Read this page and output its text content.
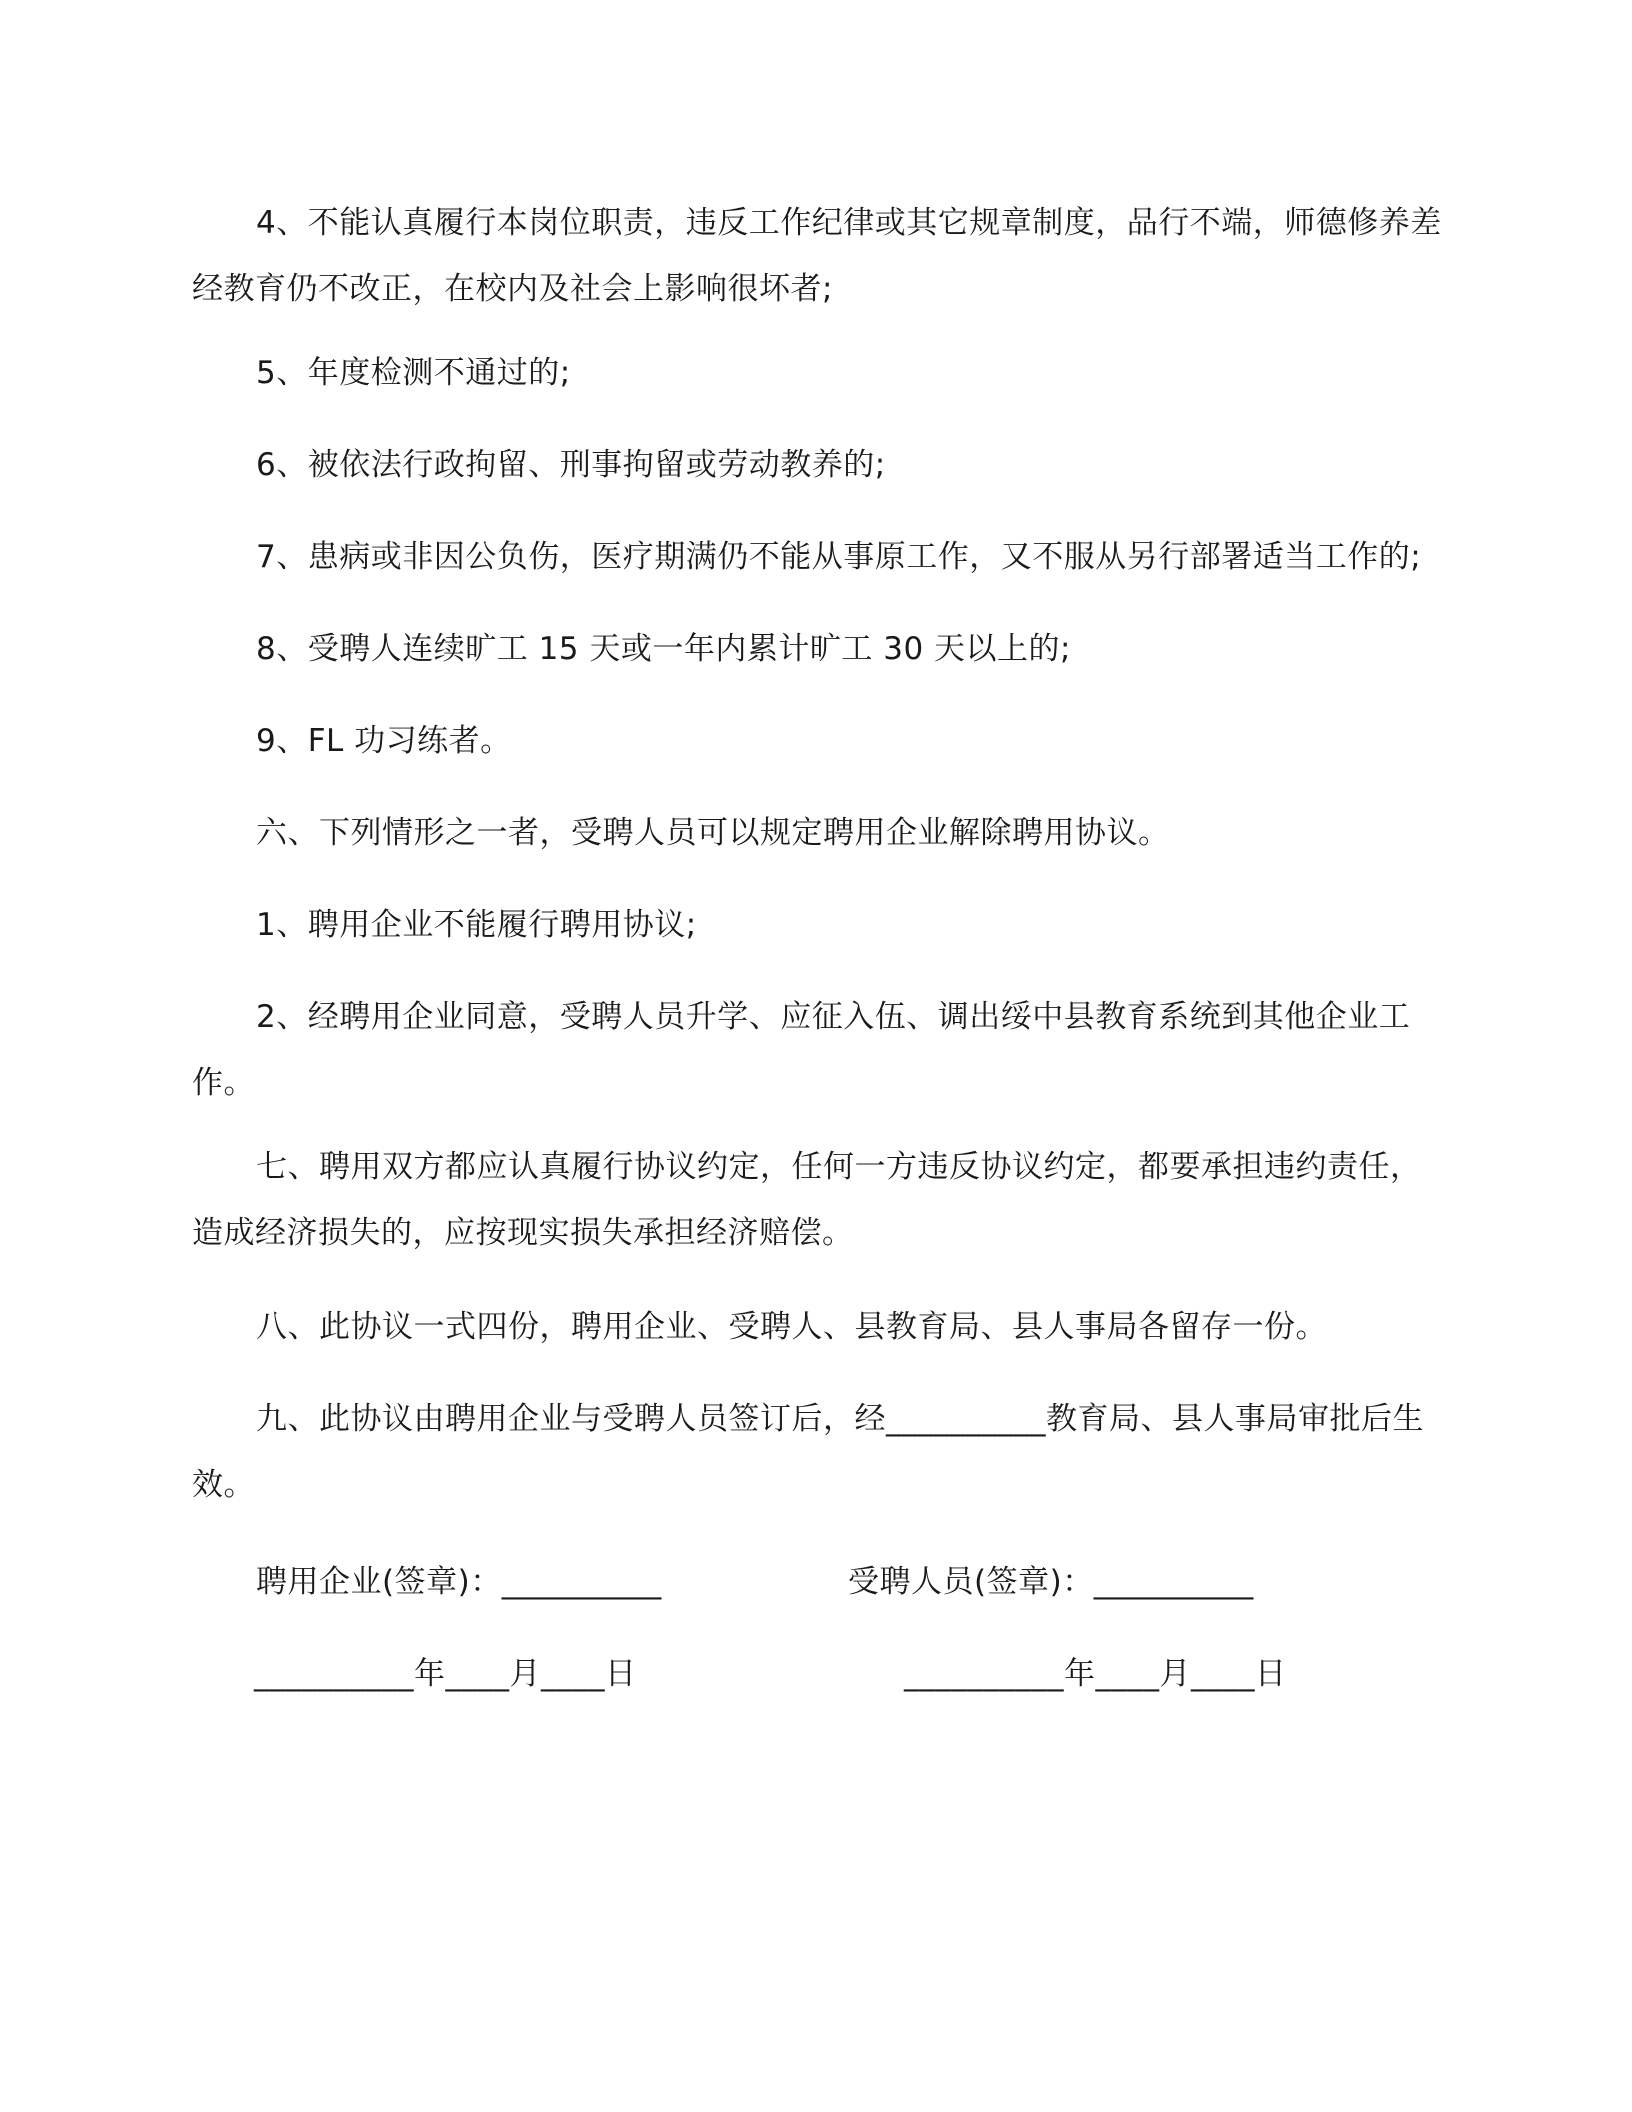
4、不能认真履行本岗位职责，违反工作纪律或其它规章制度，品行不端，师德修养差经教育仍不改正，在校内及社会上影响很坏者;

5、年度检测不通过的;

6、被依法行政拘留、刑事拘留或劳动教养的;

7、患病或非因公负伤，医疗期满仍不能从事原工作，又不服从另行部署适当工作的;

8、受聘人连续旷工 15 天或一年内累计旷工 30 天以上的;

9、FL 功习练者。

六、下列情形之一者，受聘人员可以规定聘用企业解除聘用协议。

1、聘用企业不能履行聘用协议;

2、经聘用企业同意，受聘人员升学、应征入伍、调出绥中县教育系统到其他企业工作。

七、聘用双方都应认真履行协议约定，任何一方违反协议约定，都要承担违约责任，造成经济损失的，应按现实损失承担经济赔偿。

八、此协议一式四份，聘用企业、受聘人、县教育局、县人事局各留存一份。

九、此协议由聘用企业与受聘人员签订后，经__________教育局、县人事局审批后生效。

聘用企业(签章)：__________	受聘人员(签章)：__________

__________年____月____日	__________年____月____日
